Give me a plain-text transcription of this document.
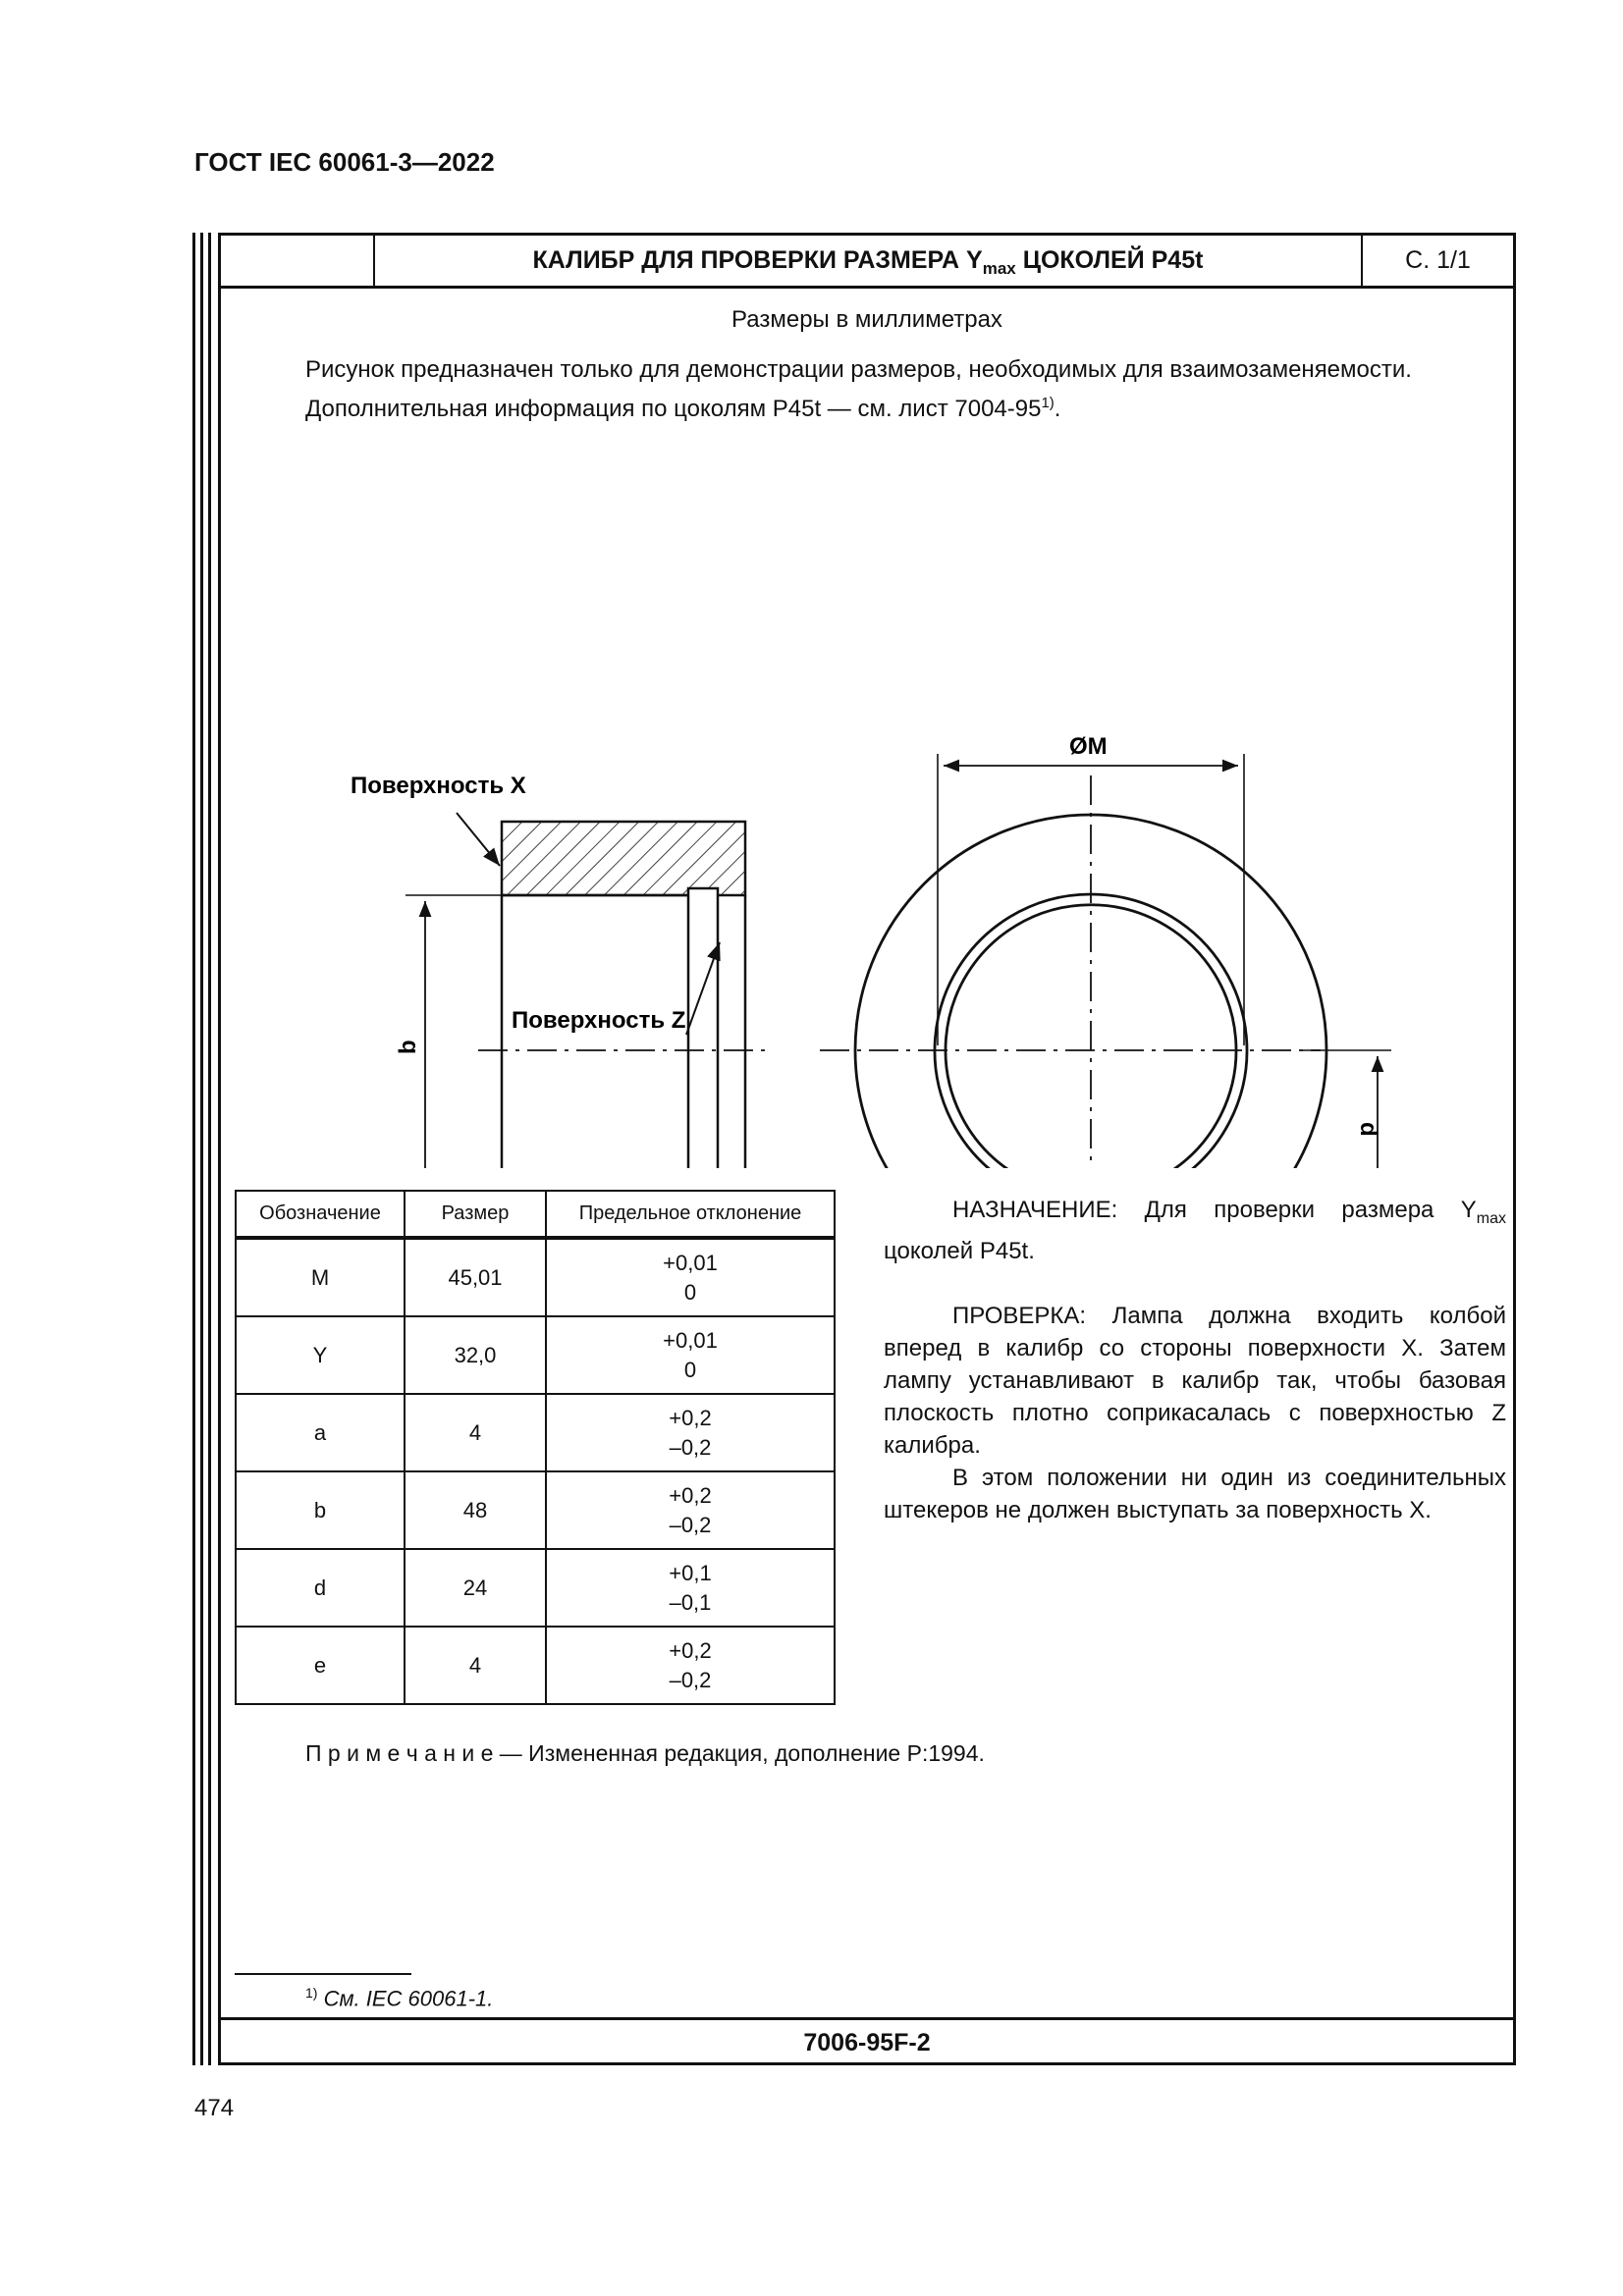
ГОСТ IEC 60061-3—2022
КАЛИБР ДЛЯ ПРОВЕРКИ РАЗМЕРА $Y_{max}$ ЦОКОЛЕЙ P45t	С. 1/1
Размеры в миллиметрах

Рисунок предназначен только для демонстрации размеров, необходимых для взаимозаменяемости.

Дополнительная информация по цоколям P45t — см. лист 7004-95$^{1)}$.

Поверхность X
Поверхность Z
b
ØM
d
Обозначение	Размер	Предельное отклонение
M	45,01	+0,01
0
Y	32,0	+0,01
0
a	4	+0,2
–0,2
b	48	+0,2
–0,2
d	24	+0,1
–0,1
e	4	+0,2
–0,2

НАЗНАЧЕНИЕ: Для проверки размера $Y_{max}$ цоколей P45t.

ПРОВЕРКА: Лампа должна входить колбой вперед в калибр со стороны поверхности X. Затем лампу устанавливают в калибр так, чтобы базовая плоскость плотно соприкасалась с поверхностью Z калибра.

В этом положении ни один из соединительных штекеров не должен выступать за поверхность X.

П р и м е ч а н и е — Измененная редакция, дополнение P:1994.
$^{1)}$ См. IEC 60061-1.
7006-95F-2
474
